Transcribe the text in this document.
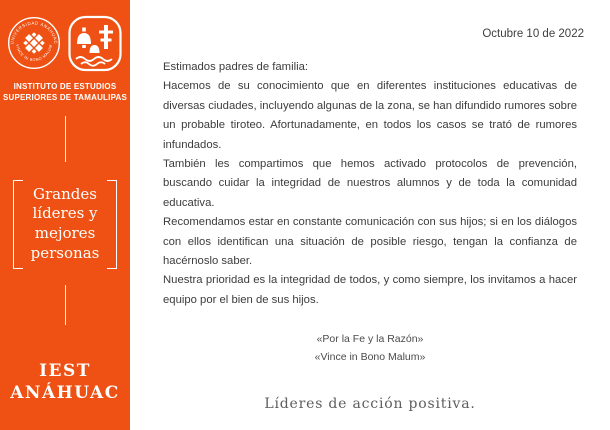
UNIVERSIDAD ANÁHUAC
VINCE IN BONO MALUM
INSTITUTO DE ESTUDIOS
SUPERIORES DE TAMAULIPAS
Grandes
líderes y
mejores
personas
IEST
ANÁHUAC
Octubre 10 de 2022

Estimados padres de familia:

Hacemos de su conocimiento que en diferentes instituciones educativas de diversas ciudades, incluyendo algunas de la zona, se han difundido rumores sobre un probable tiroteo. Afortunadamente, en todos los casos se trató de rumores infundados.

También les compartimos que hemos activado protocolos de prevención, buscando cuidar la integridad de nuestros alumnos y de toda la comunidad educativa.

Recomendamos estar en constante comunicación con sus hijos; si en los diálogos con ellos identifican una situación de posible riesgo, tengan la confianza de hacérnoslo saber.

Nuestra prioridad es la integridad de todos, y como siempre, los invitamos a hacer equipo por el bien de sus hijos.

«Por la Fe y la Razón»
«Vince in Bono Malum»
Líderes de acción positiva.
